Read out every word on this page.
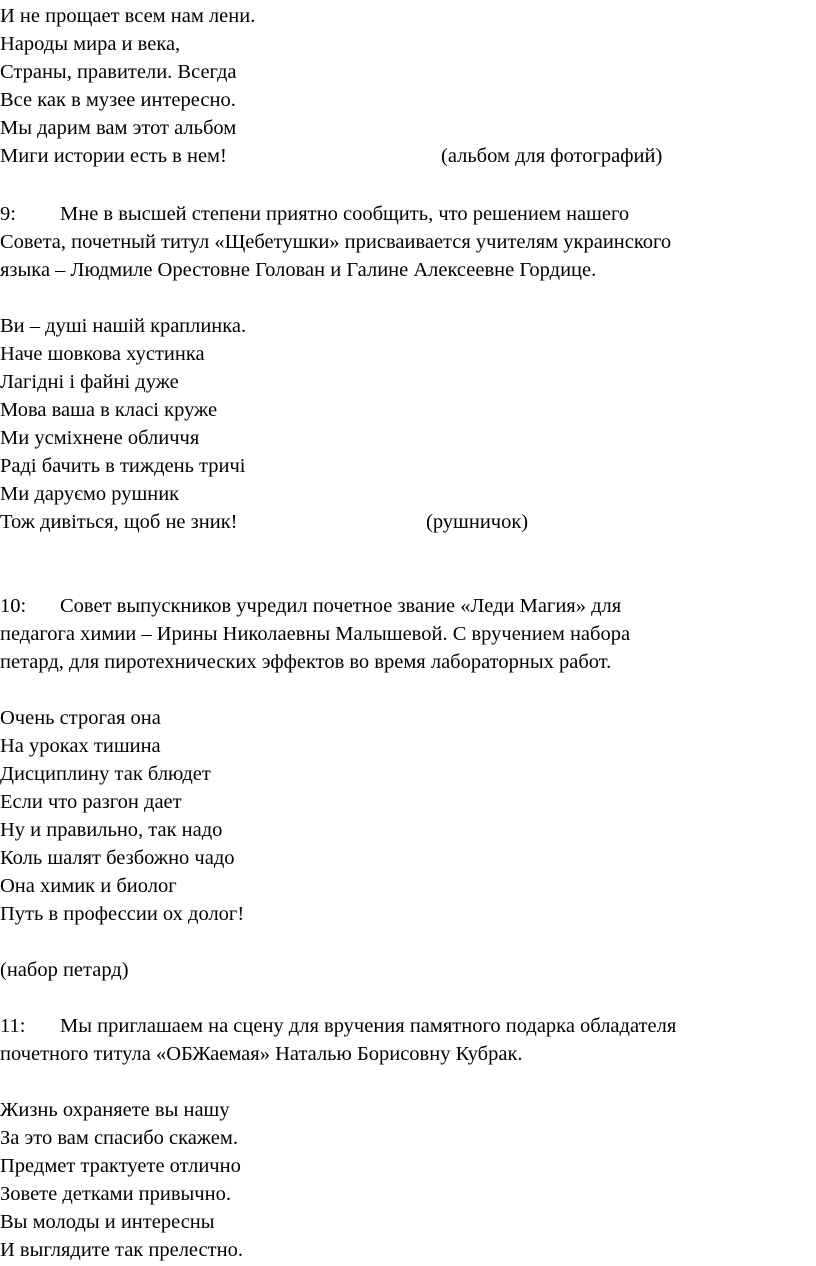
И не прощает всем нам лени.
Народы мира и века,
Страны, правители. Всегда
Все как в музее интересно.
Мы дарим вам этот альбом
Миги истории есть в нем!	(альбом для фотографий)
9: Мне в высшей степени приятно сообщить, что решением нашего
Совета, почетный титул «Щебетушки» присваивается учителям украинского
языка – Людмиле Орестовне Голован и Галине Алексеевне Гордице.
Ви – душі нашій краплинка.
Наче шовкова хустинка
Лагідні і файні дуже
Мова ваша в класі круже
Ми усміхнене обличчя
Раді бачить в тиждень тричі
Ми даруємо рушник
Тож дивіться, щоб не зник!	(рушничок)
10: Совет выпускников учредил почетное звание «Леди Магия» для
педагога химии – Ирины Николаевны Малышевой. С вручением набора
петард, для пиротехнических эффектов во время лабораторных работ.
Очень строгая она
На уроках тишина
Дисциплину так блюдет
Если что разгон дает
Ну и правильно, так надо
Коль шалят безбожно чадо
Она химик и биолог
Путь в профессии ох долог!
(набор петард)
11: Мы приглашаем на сцену для вручения памятного подарка обладателя
почетного титула «ОБЖаемая» Наталью Борисовну Кубрак.
Жизнь охраняете вы нашу
За это вам спасибо скажем.
Предмет трактуете отлично
Зовете детками привычно.
Вы молоды и интересны
И выглядите так прелестно.
